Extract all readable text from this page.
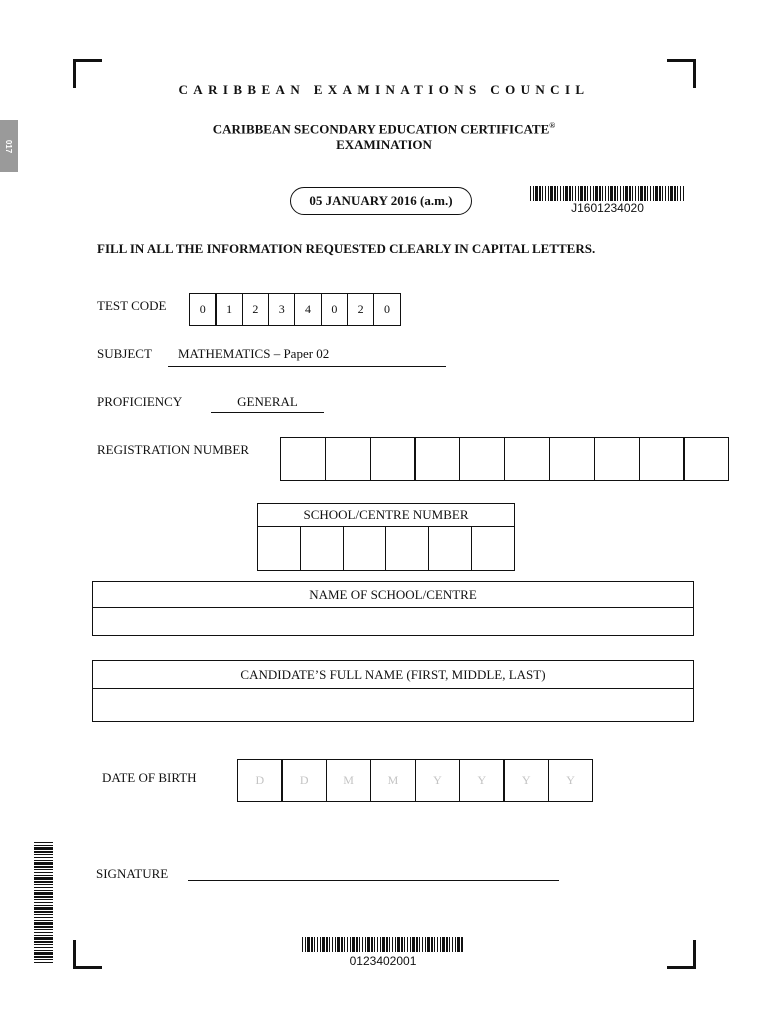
017
CARIBBEAN EXAMINATIONS COUNCIL
CARIBBEAN SECONDARY EDUCATION CERTIFICATE®
EXAMINATION
05 JANUARY 2016 (a.m.)	J1601234020
FILL IN ALL THE INFORMATION REQUESTED CLEARLY IN CAPITAL LETTERS.
TEST CODE	0	1	2	3	4	0	2	0
SUBJECT	MATHEMATICS – Paper 02
PROFICIENCY	GENERAL
REGISTRATION NUMBER
SCHOOL/CENTRE NUMBER
NAME OF SCHOOL/CENTRE
CANDIDATE’S FULL NAME (FIRST, MIDDLE, LAST)
DATE OF BIRTH	D	D	M	M	Y	Y	Y	Y
SIGNATURE
0123402001
